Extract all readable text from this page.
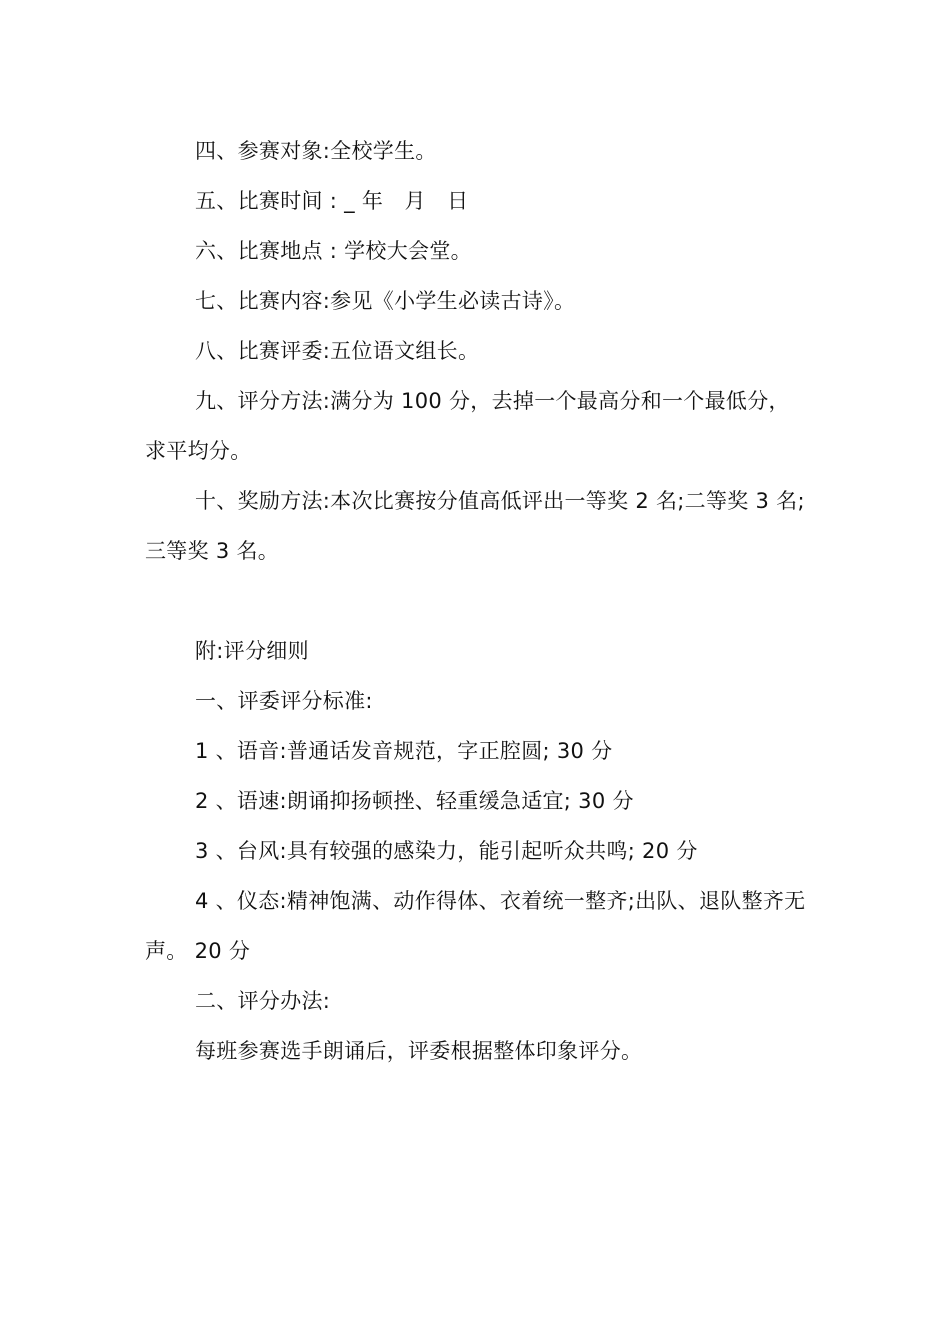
四、参赛对象:全校学生。

五、比赛时间 : _ 年　月　日

六、比赛地点 : 学校大会堂。

七、比赛内容:参见《小学生必读古诗》。

八、比赛评委:五位语文组长。

九、评分方法:满分为 100 分，去掉一个最高分和一个最低分，求平均分。

十、奖励方法:本次比赛按分值高低评出一等奖 2 名;二等奖 3 名;三等奖 3 名。

附:评分细则

一、评委评分标准:

1 、语音:普通话发音规范，字正腔圆; 30 分

2 、语速:朗诵抑扬顿挫、轻重缓急适宜; 30 分

3 、台风:具有较强的感染力，能引起听众共鸣; 20 分

4 、仪态:精神饱满、动作得体、衣着统一整齐;出队、退队整齐无声。 20 分

二、评分办法:

每班参赛选手朗诵后，评委根据整体印象评分。
